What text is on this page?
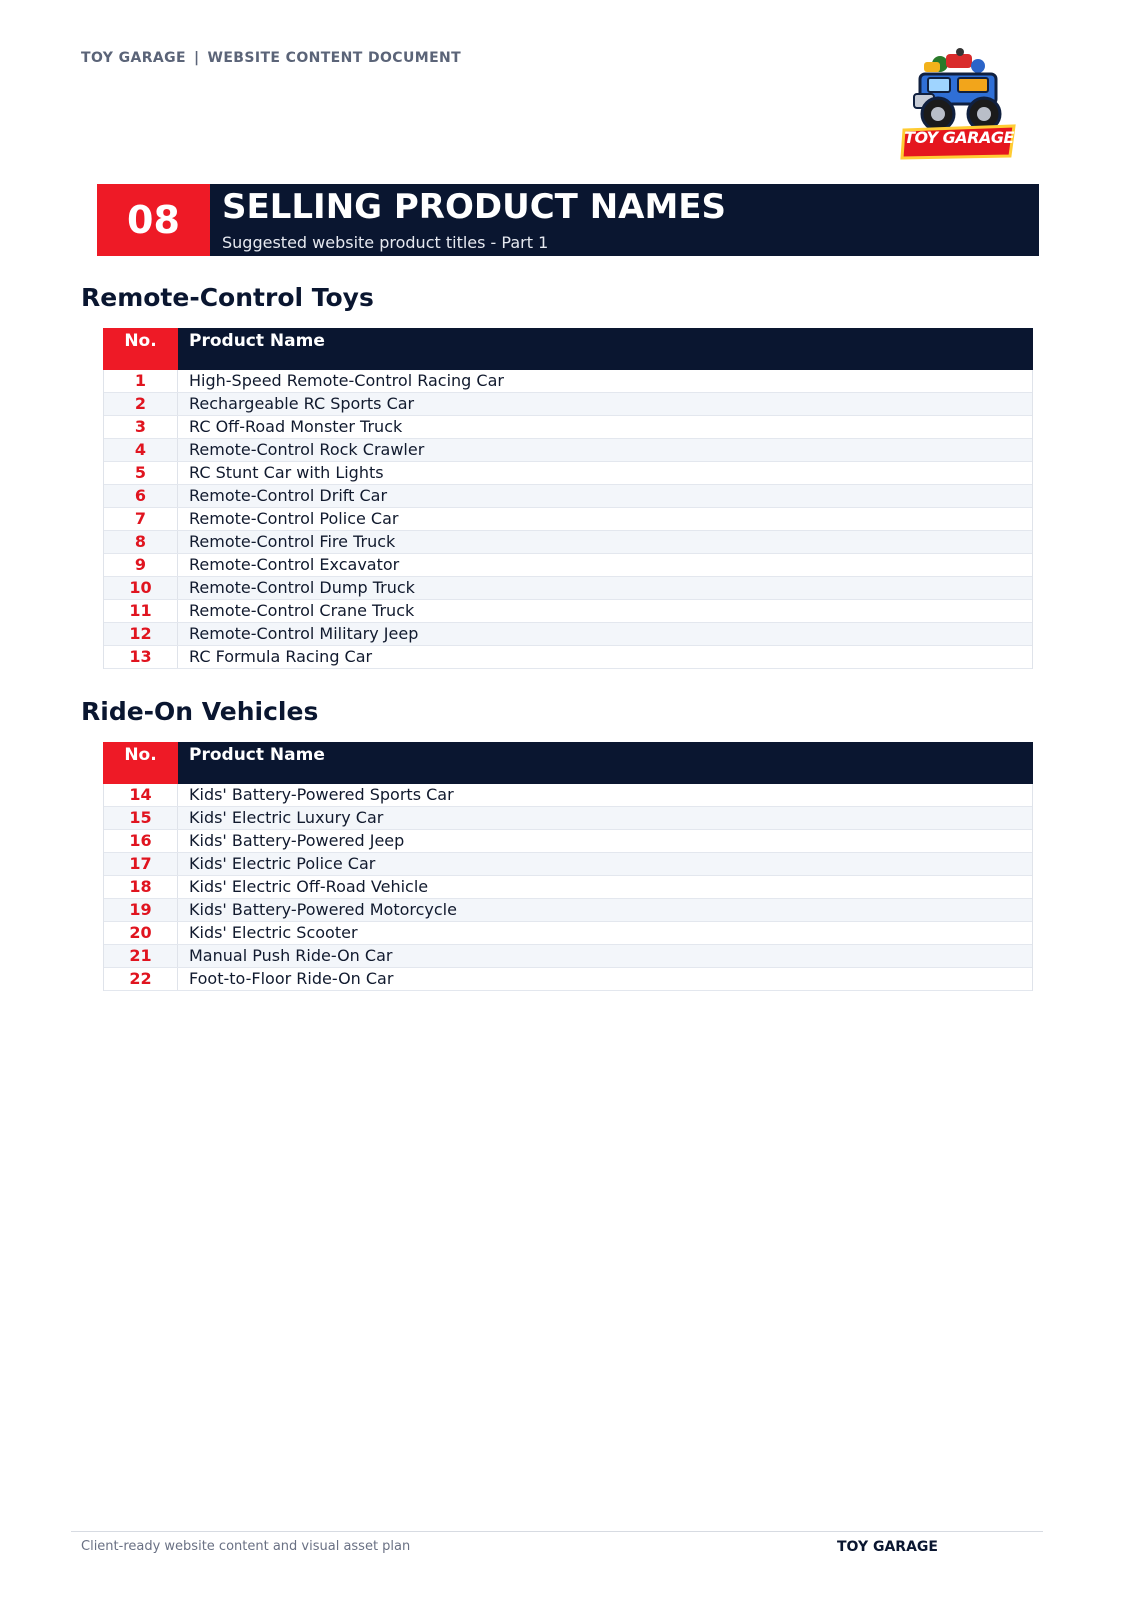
TOY GARAGE | WEBSITE CONTENT DOCUMENT
TOY GARAGE
08	SELLING PRODUCT NAMES
Suggested website product titles - Part 1
Remote-Control Toys
No.	Product Name
1	High-Speed Remote-Control Racing Car
2	Rechargeable RC Sports Car
3	RC Off-Road Monster Truck
4	Remote-Control Rock Crawler
5	RC Stunt Car with Lights
6	Remote-Control Drift Car
7	Remote-Control Police Car
8	Remote-Control Fire Truck
9	Remote-Control Excavator
10	Remote-Control Dump Truck
11	Remote-Control Crane Truck
12	Remote-Control Military Jeep
13	RC Formula Racing Car
Ride-On Vehicles
No.	Product Name
14	Kids' Battery-Powered Sports Car
15	Kids' Electric Luxury Car
16	Kids' Battery-Powered Jeep
17	Kids' Electric Police Car
18	Kids' Electric Off-Road Vehicle
19	Kids' Battery-Powered Motorcycle
20	Kids' Electric Scooter
21	Manual Push Ride-On Car
22	Foot-to-Floor Ride-On Car
Client-ready website content and visual asset plan	TOY GARAGE
